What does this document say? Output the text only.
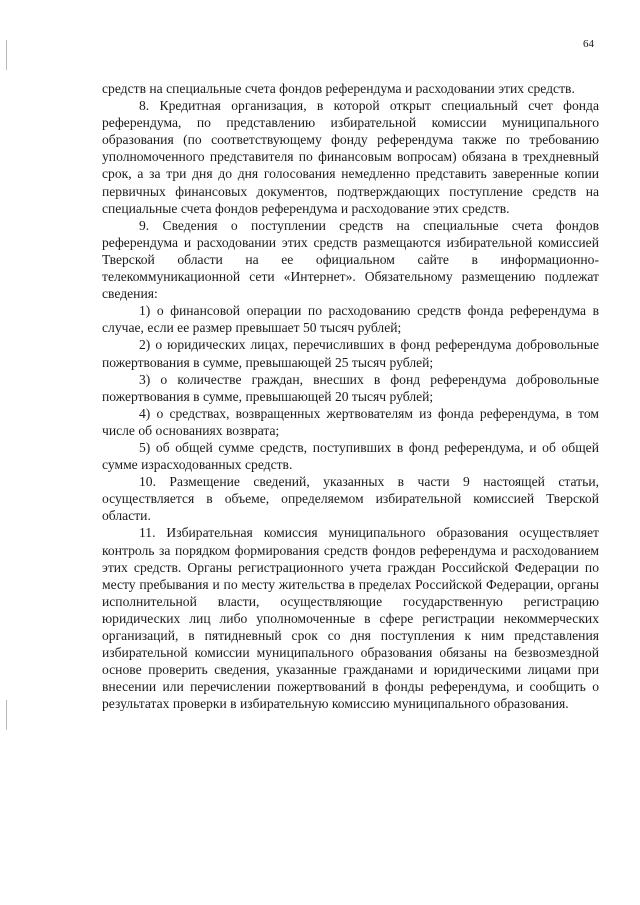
64

средств на специальные счета фондов референдума и расходовании этих средств.

8. Кредитная организация, в которой открыт специальный счет фонда референдума, по представлению избирательной комиссии муниципального образования (по соответствующему фонду референдума также по требованию уполномоченного представителя по финансовым вопросам) обязана в трехдневный срок, а за три дня до дня голосования немедленно представить заверенные копии первичных финансовых документов, подтверждающих поступление средств на специальные счета фондов референдума и расходование этих средств.

9. Сведения о поступлении средств на специальные счета фондов референдума и расходовании этих средств размещаются избирательной комиссией Тверской области на ее официальном сайте в информационно-телекоммуникационной сети «Интернет». Обязательному размещению подлежат сведения:

1) о финансовой операции по расходованию средств фонда референдума в случае, если ее размер превышает 50 тысяч рублей;

2) о юридических лицах, перечисливших в фонд референдума добровольные пожертвования в сумме, превышающей 25 тысяч рублей;

3) о количестве граждан, внесших в фонд референдума добровольные пожертвования в сумме, превышающей 20 тысяч рублей;

4) о средствах, возвращенных жертвователям из фонда референдума, в том числе об основаниях возврата;

5) об общей сумме средств, поступивших в фонд референдума, и об общей сумме израсходованных средств.

10. Размещение сведений, указанных в части 9 настоящей статьи, осуществляется в объеме, определяемом избирательной комиссией Тверской области.

11. Избирательная комиссия муниципального образования осуществляет контроль за порядком формирования средств фондов референдума и расходованием этих средств. Органы регистрационного учета граждан Российской Федерации по месту пребывания и по месту жительства в пределах Российской Федерации, органы исполнительной власти, осуществляющие государственную регистрацию юридических лиц либо уполномоченные в сфере регистрации некоммерческих организаций, в пятидневный срок со дня поступления к ним представления избирательной комиссии муниципального образования обязаны на безвозмездной основе проверить сведения, указанные гражданами и юридическими лицами при внесении или перечислении пожертвований в фонды референдума, и сообщить о результатах проверки в избирательную комиссию муниципального образования.
